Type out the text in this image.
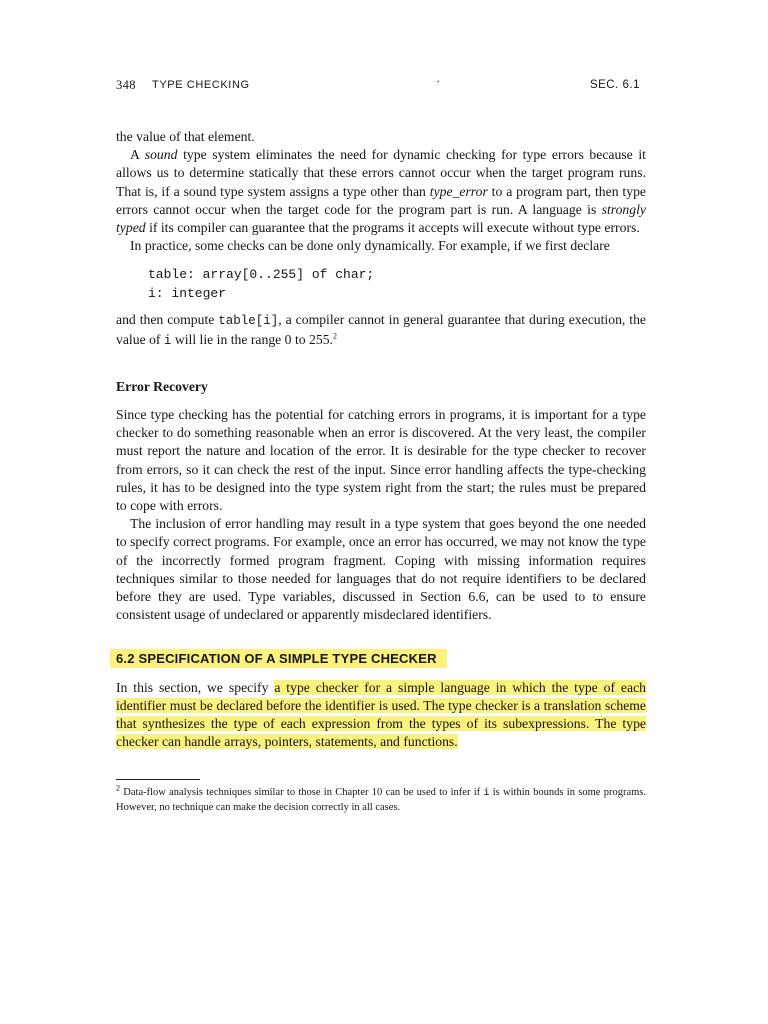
348 TYPE CHECKING	´	SEC. 6.1

the value of that element.

A sound type system eliminates the need for dynamic checking for type errors because it allows us to determine statically that these errors cannot occur when the target program runs. That is, if a sound type system assigns a type other than type_error to a program part, then type errors cannot occur when the target code for the program part is run. A language is strongly typed if its compiler can guarantee that the programs it accepts will execute without type errors.

In practice, some checks can be done only dynamically. For example, if we first declare

table: array[0..255] of char;
i: integer

and then compute table[i], a compiler cannot in general guarantee that during execution, the value of i will lie in the range 0 to 255.$^2$

Error Recovery

Since type checking has the potential for catching errors in programs, it is important for a type checker to do something reasonable when an error is discovered. At the very least, the compiler must report the nature and location of the error. It is desirable for the type checker to recover from errors, so it can check the rest of the input. Since error handling affects the type-checking rules, it has to be designed into the type system right from the start; the rules must be prepared to cope with errors.

The inclusion of error handling may result in a type system that goes beyond the one needed to specify correct programs. For example, once an error has occurred, we may not know the type of the incorrectly formed program fragment. Coping with missing information requires techniques similar to those needed for languages that do not require identifiers to be declared before they are used. Type variables, discussed in Section 6.6, can be used to to ensure consistent usage of undeclared or apparently misdeclared identifiers.

6.2 SPECIFICATION OF A SIMPLE TYPE CHECKER

In this section, we specify a type checker for a simple language in which the type of each identifier must be declared before the identifier is used. The type checker is a translation scheme that synthesizes the type of each expression from the types of its subexpressions. The type checker can handle arrays, pointers, statements, and functions.

$^2$ Data-flow analysis techniques similar to those in Chapter 10 can be used to infer if i is within bounds in some programs. However, no technique can make the decision correctly in all cases.
